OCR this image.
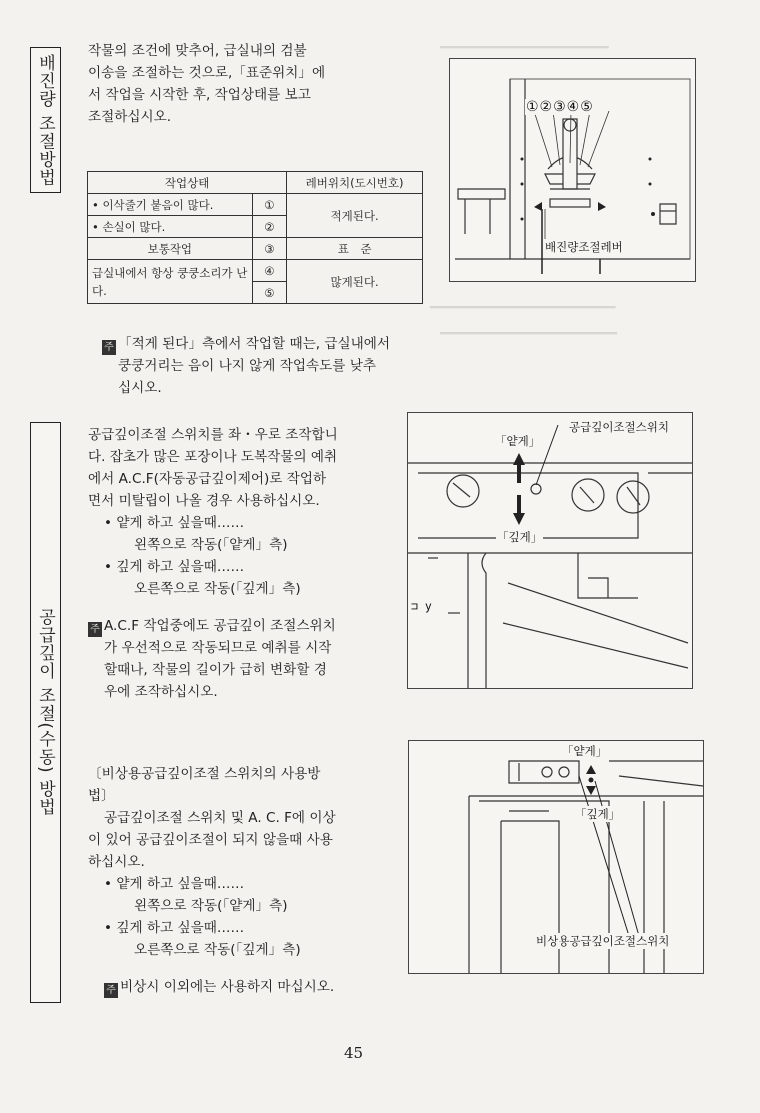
━━━━━━━━━━━━━━━━━━━━
━━━━━━━━━━━━━━━━━━━━━━
━━━━━━━━━━━━━━━━━━━━━
배진량 조절방법
공급깊이 조절(수동) 방법

작물의 조건에 맞추어, 급실내의 검불

이송을 조절하는 것으로,「표준위치」에

서 작업을 시작한 후, 작업상태를 보고

조절하십시오.

작업상태		레버위치(도시번호)
• 이삭줄기 붙음이 많다.	①	적게된다.
• 손실이 많다.	②	
보통작업	③	표　준
급실내에서 항상 쿵쿵소리가 난다.	④	많게된다.
	⑤	

주 「적게 된다」측에서 작업할 때는, 급실내에서

쿵쿵거리는 음이 나지 않게 작업속도를 낮추

십시오.

①②③④⑤
배진량조절레버

공급깊이조절 스위치를 좌・우로 조작합니

다. 잡초가 많은 포장이나 도복작물의 예취

에서 A.C.F(자동공급깊이제어)로 작업하

면서 미탈립이 나올 경우 사용하십시오.

• 얕게 하고 싶을때……

왼쪽으로 작동(「얕게」측)

• 깊게 하고 싶을때……

오른쪽으로 작동(「깊게」측)

주 A.C.F 작업중에도 공급깊이 조절스위치

가 우선적으로 작동되므로 예취를 시작

할때나, 작물의 길이가 급히 변화할 경

우에 조작하십시오.

공급깊이조절스위치
「얕게」
「깊게」
⊐ y

〔비상용공급깊이조절 스위치의 사용방

법〕

공급깊이조절 스위치 및 A. C. F에 이상

이 있어 공급깊이조절이 되지 않을때 사용

하십시오.

• 얕게 하고 싶을때……

왼쪽으로 작동(「얕게」측)

• 깊게 하고 싶을때……

오른쪽으로 작동(「깊게」측)

주 비상시 이외에는 사용하지 마십시오.

「얕게」
「깊게」
비상용공급깊이조절스위치
45
